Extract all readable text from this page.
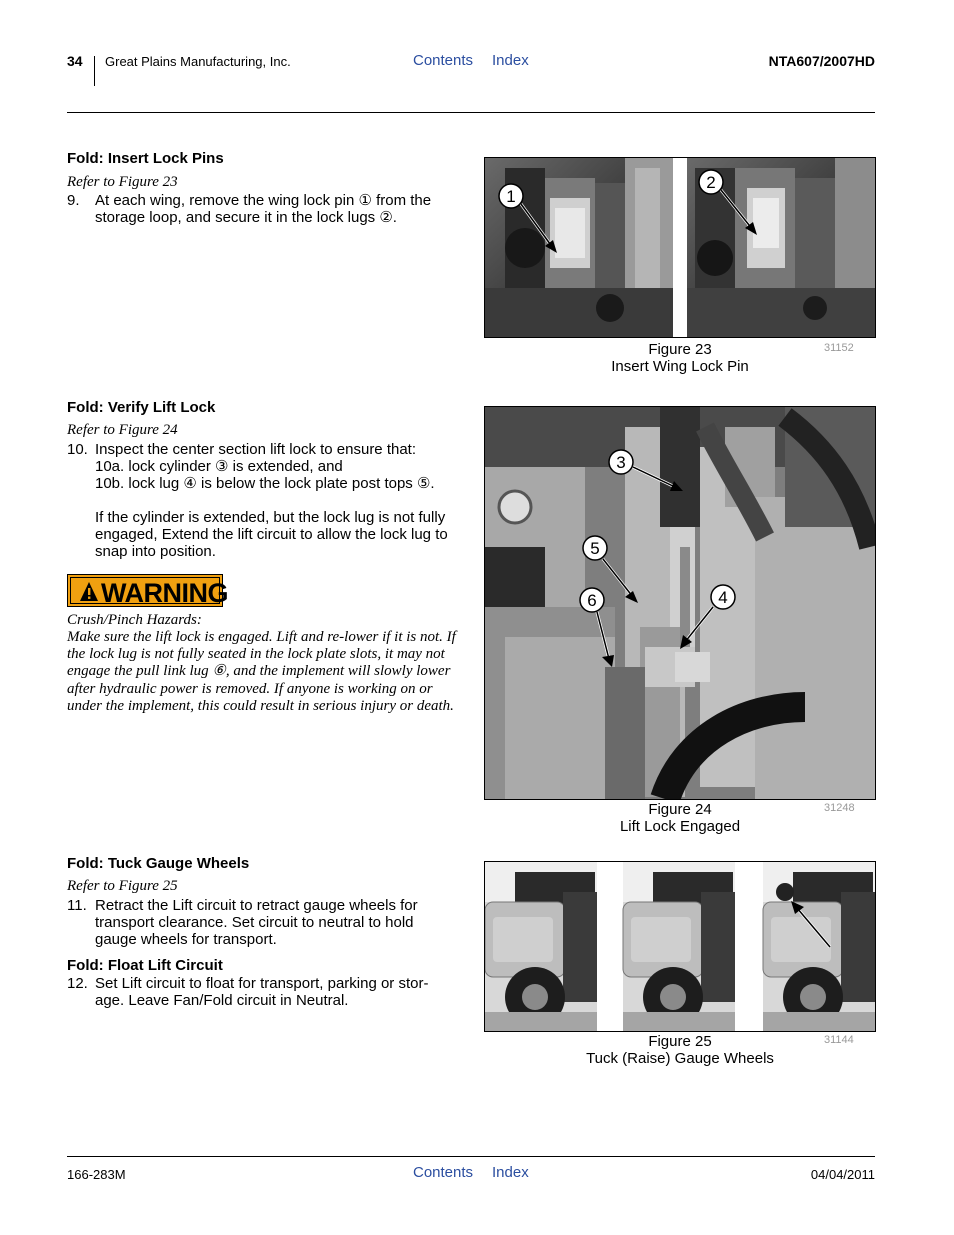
34 Great Plains Manufacturing, Inc.	Contents Index	NTA607/2007HD
Fold: Insert Lock Pins
Refer to Figure 23
9. At each wing, remove the wing lock pin ① from the storage loop, and secure it in the lock lugs ②.
1
2
Figure 23
Insert Wing Lock Pin
31152
Fold: Verify Lift Lock
Refer to Figure 24
10. Inspect the center section lift lock to ensure that:
10a. lock cylinder ③ is extended, and
10b. lock lug ④ is below the lock plate post tops ⑤.
If the cylinder is extended, but the lock lug is not fully engaged, Extend the lift circuit to allow the lock lug to snap into position.
WARNING
Crush/Pinch Hazards:
Make sure the lift lock is engaged. Lift and re-lower if it is not. If the lock lug is not fully seated in the lock plate slots, it may not engage the pull link lug ⑥, and the implement will slowly lower after hydraulic power is removed. If anyone is working on or under the implement, this could result in serious injury or death.
3
5
6	4
Figure 24
Lift Lock Engaged
31248
Fold: Tuck Gauge Wheels
Refer to Figure 25
11. Retract the Lift circuit to retract gauge wheels for transport clearance. Set circuit to neutral to hold gauge wheels for transport.
Fold: Float Lift Circuit
12. Set Lift circuit to float for transport, parking or stor-age. Leave Fan/Fold circuit in Neutral.
Figure 25
Tuck (Raise) Gauge Wheels
31144
166-283M	Contents Index	04/04/2011
